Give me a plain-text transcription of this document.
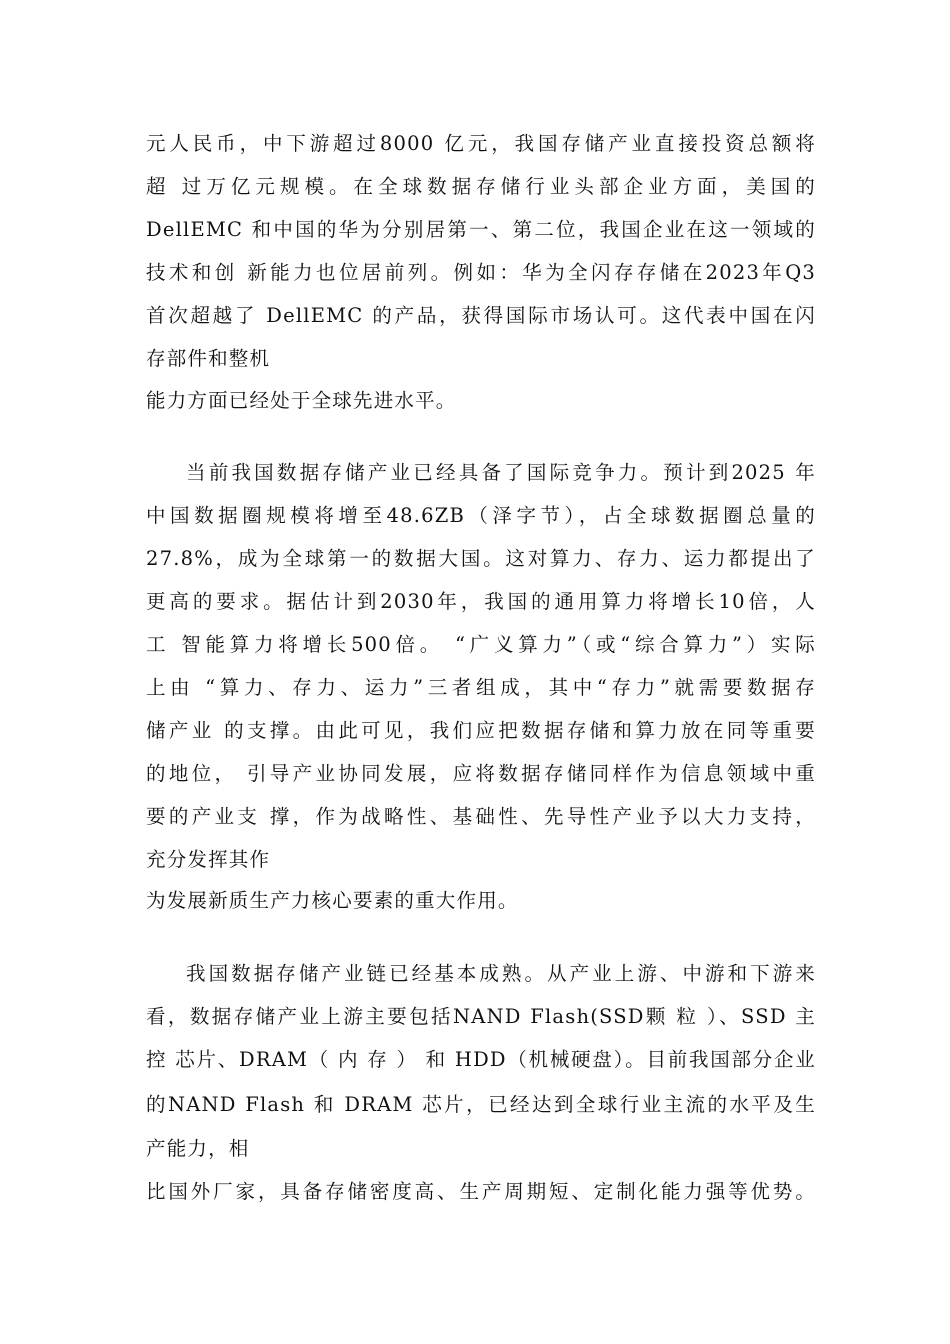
元人民币，中下游超过8000 亿元，我国存储产业直接投资总额将
超 过万亿元规模。在全球数据存储行业头部企业方面，美国的
DellEMC 和中国的华为分别居第一、第二位，我国企业在这一领域的
技术和创 新能力也位居前列。例如：华为全闪存存储在2023年Q3
首次超越了 DellEMC 的产品，获得国际市场认可。这代表中国在闪
存部件和整机
能力方面已经处于全球先进水平。
当前我国数据存储产业已经具备了国际竞争力。预计到2025 年
中国数据圈规模将增至48.6ZB（泽字节），占全球数据圈总量的
27.8%，成为全球第一的数据大国。这对算力、存力、运力都提出了
更高的要求。据估计到2030年，我国的通用算力将增长10倍，人
工 智能算力将增长500倍。 “广义算力”（或“综合算力”）实际
上由 “算力、存力、运力”三者组成，其中“存力”就需要数据存
储产业 的支撑。由此可见，我们应把数据存储和算力放在同等重要
的地位， 引导产业协同发展，应将数据存储同样作为信息领域中重
要的产业支 撑，作为战略性、基础性、先导性产业予以大力支持，
充分发挥其作
为发展新质生产力核心要素的重大作用。
我国数据存储产业链已经基本成熟。从产业上游、中游和下游来
看，数据存储产业上游主要包括NAND Flash(SSD颗 粒 ）、SSD 主
控 芯片、DRAM（ 内 存 ） 和 HDD（机械硬盘）。目前我国部分企业
的NAND Flash 和 DRAM 芯片，已经达到全球行业主流的水平及生
产能力，相
比国外厂家，具备存储密度高、生产周期短、定制化能力强等优势。
